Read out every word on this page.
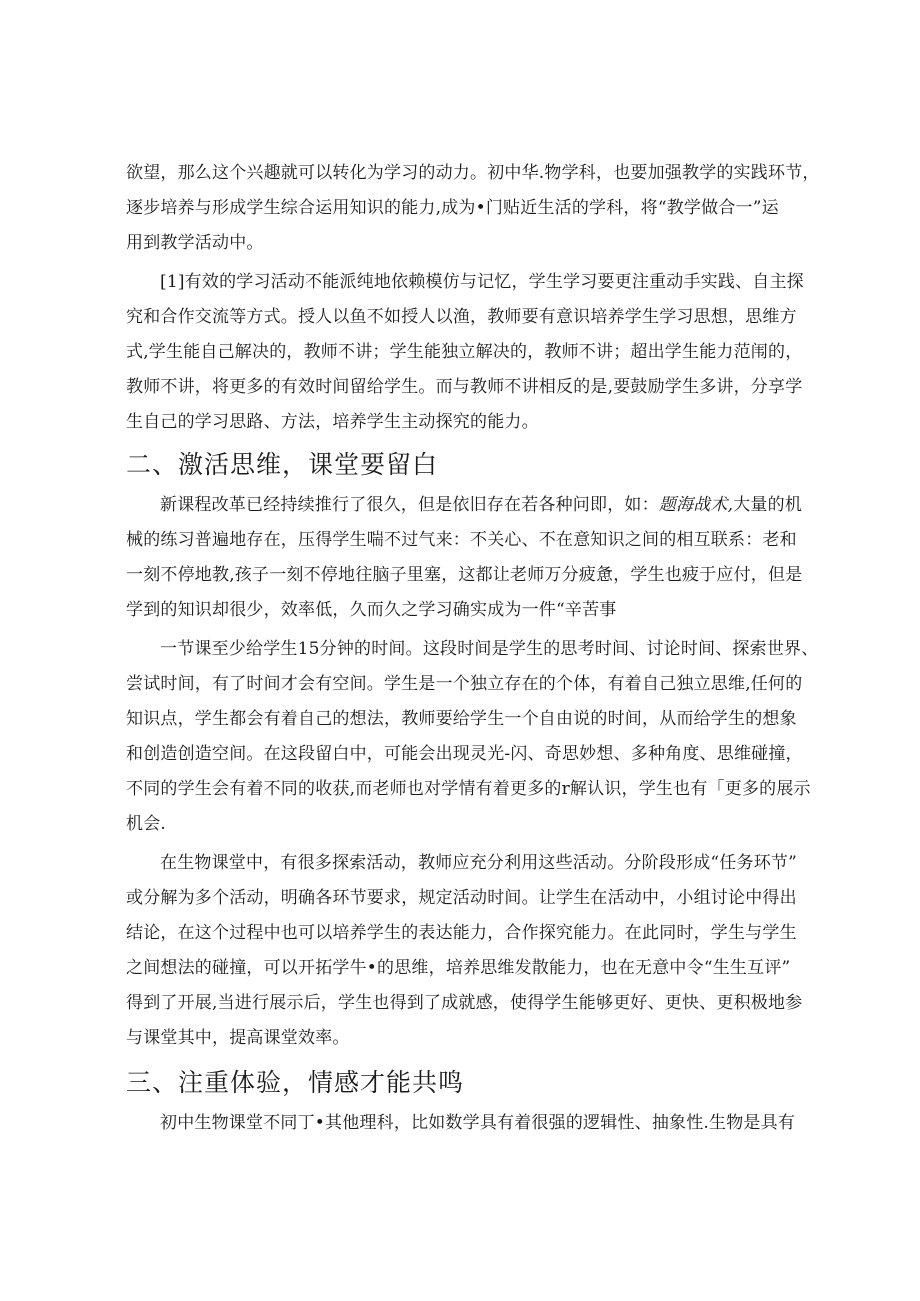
欲望，那么这个兴趣就可以转化为学习的动力。初中华.物学科，也要加强教学的实践环节，

逐步培养与形成学生综合运用知识的能力,成为•门贴近生活的学科，将“教学做合一”运

用到教学活动中。

[1]有效的学习活动不能派纯地依赖模仿与记忆，学生学习要更注重动手实践、自主探

究和合作交流等方式。授人以鱼不如授人以渔，教师要有意识培养学生学习思想，思维方

式,学生能自己解决的，教师不讲；学生能独立解决的，教师不讲；超出学生能力范闱的，

教师不讲，将更多的有效时间留给学生。而与教师不讲相反的是,要鼓励学生多讲，分享学

生自己的学习思路、方法，培养学生主动探究的能力。

二、激活思维，课堂要留白

新课程改革已经持续推行了很久，但是依旧存在若各种问即，如：题海战术,大量的机

械的练习普遍地存在，压得学生喘不过气来：不关心、不在意知识之间的相互联系：老和

一刻不停地教,孩子一刻不停地往脑子里塞，这都让老师万分疲惫，学生也疲于应付，但是

学到的知识却很少，效率低，久而久之学习确实成为一件“辛苦事

一节课至少给学生15分钟的时间。这段时间是学生的思考时间、讨论时间、探索世界、

尝试时间，有了时间才会有空间。学生是一个独立存在的个体，有着自己独立思维,任何的

知识点，学生都会有着自己的想法，教师要给学生一个自由说的时间，从而给学生的想象

和创造创造空间。在这段留白中，可能会出现灵光-闪、奇思妙想、多种角度、思维碰撞，

不同的学生会有着不同的收获,而老师也对学情有着更多的r解认识，学生也有「更多的展示

机会.

在生物课堂中，有很多探索活动，教师应充分利用这些活动。分阶段形成“任务环节”

或分解为多个活动，明确各环节要求，规定活动时间。让学生在活动中，小组讨论中得出

结论，在这个过程中也可以培养学生的表达能力，合作探究能力。在此同时，学生与学生

之间想法的碰撞，可以开拓学牛•的思维，培养思维发散能力，也在无意中令“生生互评”

得到了开展,当进行展示后，学生也得到了成就感，使得学生能够更好、更快、更积极地参

与课堂其中，提高课堂效率。

三、注重体验，情感才能共鸣

初中生物课堂不同丁•其他理科，比如数学具有着很强的逻辑性、抽象性.生物是具有
